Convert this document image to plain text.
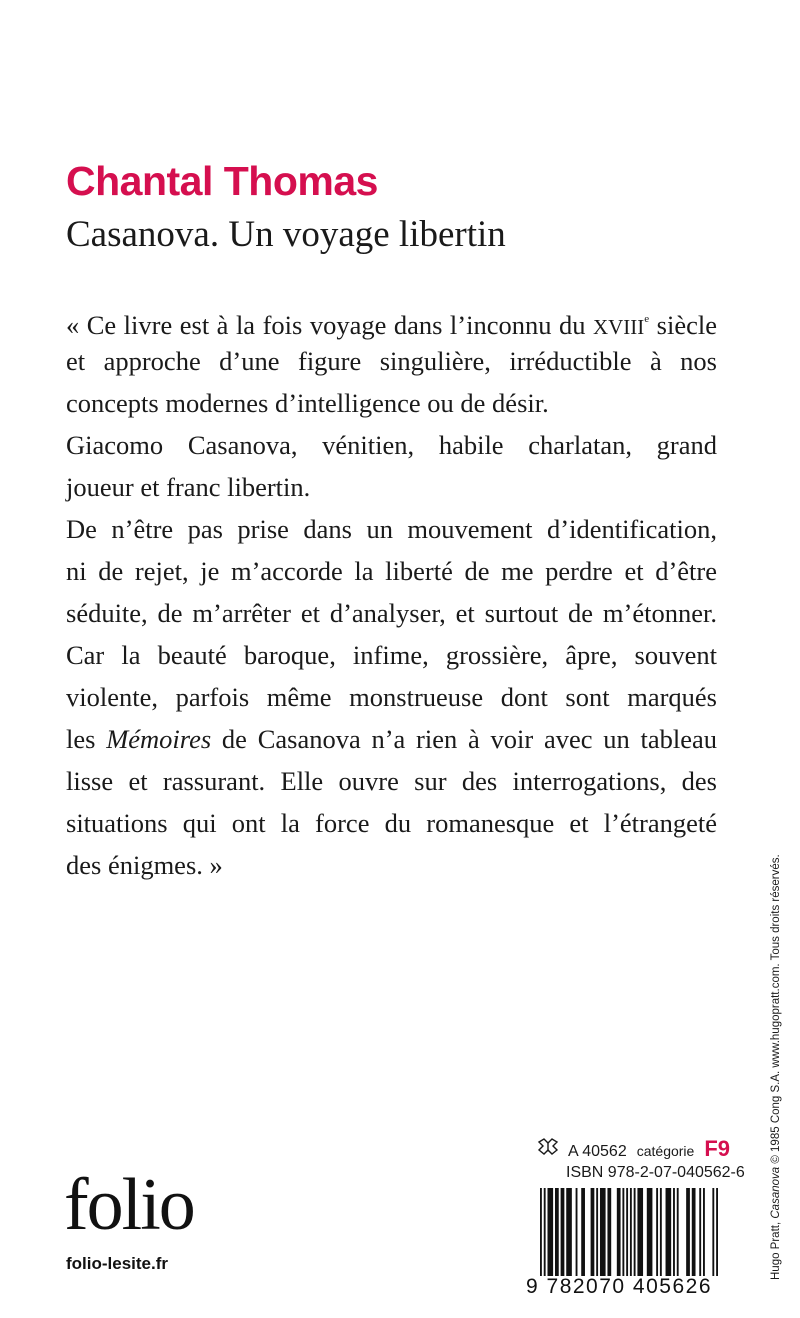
Chantal Thomas
Casanova. Un voyage libertin
« Ce livre est à la fois voyage dans l’inconnu du XVIIIe siècle
et approche d’une figure singulière, irréductible à nos
concepts modernes d’intelligence ou de désir.
Giacomo Casanova, vénitien, habile charlatan, grand
joueur et franc libertin.
De n’être pas prise dans un mouvement d’identification,
ni de rejet, je m’accorde la liberté de me perdre et d’être
séduite, de m’arrêter et d’analyser, et surtout de m’étonner.
Car la beauté baroque, infime, grossière, âpre, souvent
violente, parfois même monstrueuse dont sont marqués
les Mémoires de Casanova n’a rien à voir avec un tableau
lisse et rassurant. Elle ouvre sur des interrogations, des
situations qui ont la force du romanesque et l’étrangeté
des énigmes. »
folio
folio-lesite.fr
A 40562 catégorie F9
ISBN 978-2-07-040562-6
9 782070 405626
Hugo Pratt, Casanova © 1985 Cong S.A. www.hugopratt.com. Tous droits réservés.
